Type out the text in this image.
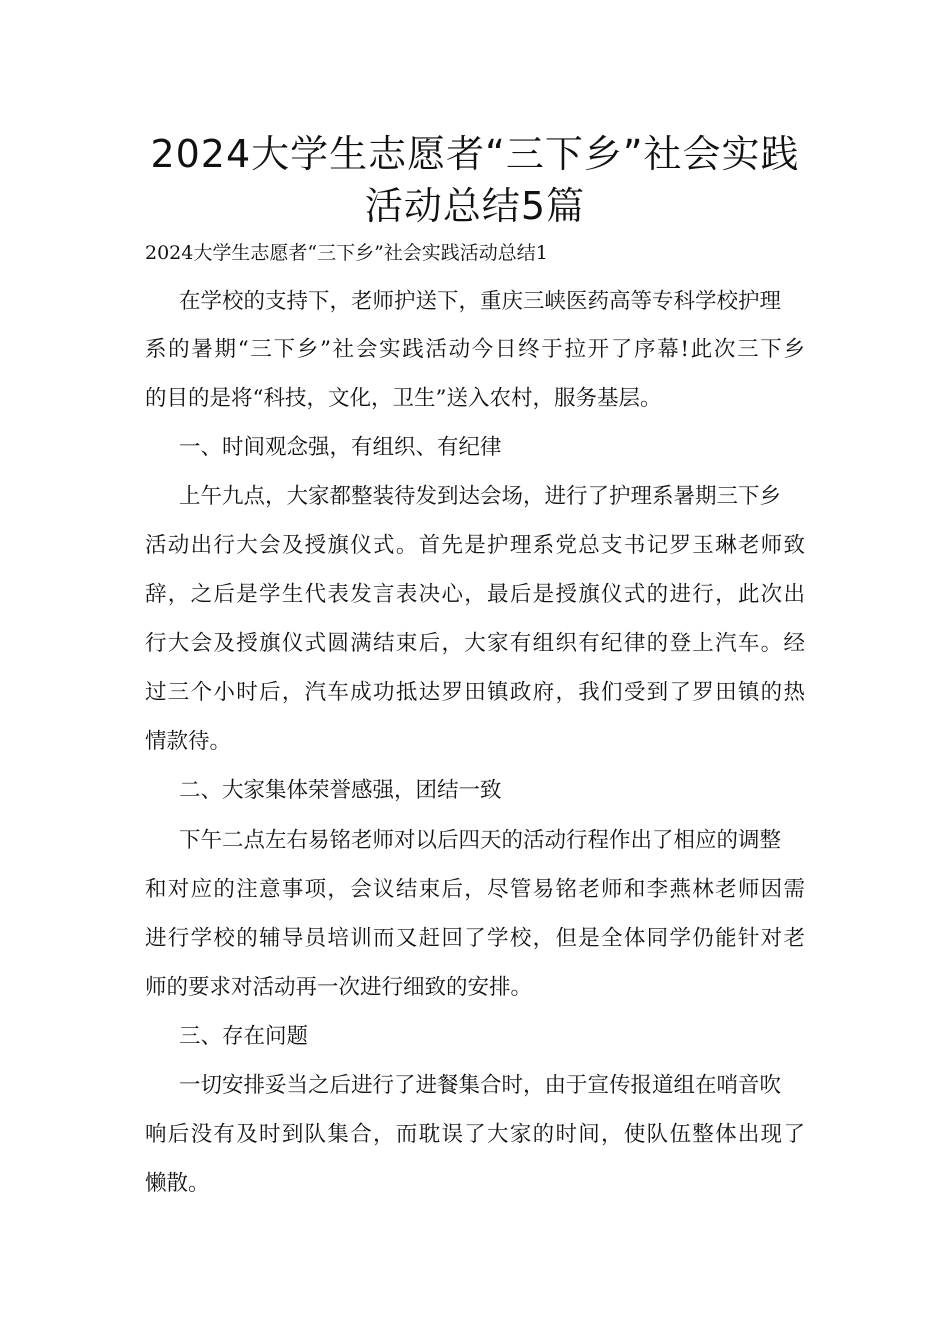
2024大学生志愿者“三下乡”社会实践
活动总结5篇

2024大学生志愿者“三下乡”社会实践活动总结1

在学校的支持下，老师护送下，重庆三峡医药高等专科学校护理

系的暑期“三下乡”社会实践活动今日终于拉开了序幕!此次三下乡

的目的是将“科技，文化，卫生”送入农村，服务基层。

一、时间观念强，有组织、有纪律

上午九点，大家都整装待发到达会场，进行了护理系暑期三下乡

活动出行大会及授旗仪式。首先是护理系党总支书记罗玉琳老师致

辞，之后是学生代表发言表决心，最后是授旗仪式的进行，此次出

行大会及授旗仪式圆满结束后，大家有组织有纪律的登上汽车。经

过三个小时后，汽车成功抵达罗田镇政府，我们受到了罗田镇的热

情款待。

二、大家集体荣誉感强，团结一致

下午二点左右易铭老师对以后四天的活动行程作出了相应的调整

和对应的注意事项，会议结束后，尽管易铭老师和李燕林老师因需

进行学校的辅导员培训而又赶回了学校，但是全体同学仍能针对老

师的要求对活动再一次进行细致的安排。

三、存在问题

一切安排妥当之后进行了进餐集合时，由于宣传报道组在哨音吹

响后没有及时到队集合，而耽误了大家的时间，使队伍整体出现了

懒散。
